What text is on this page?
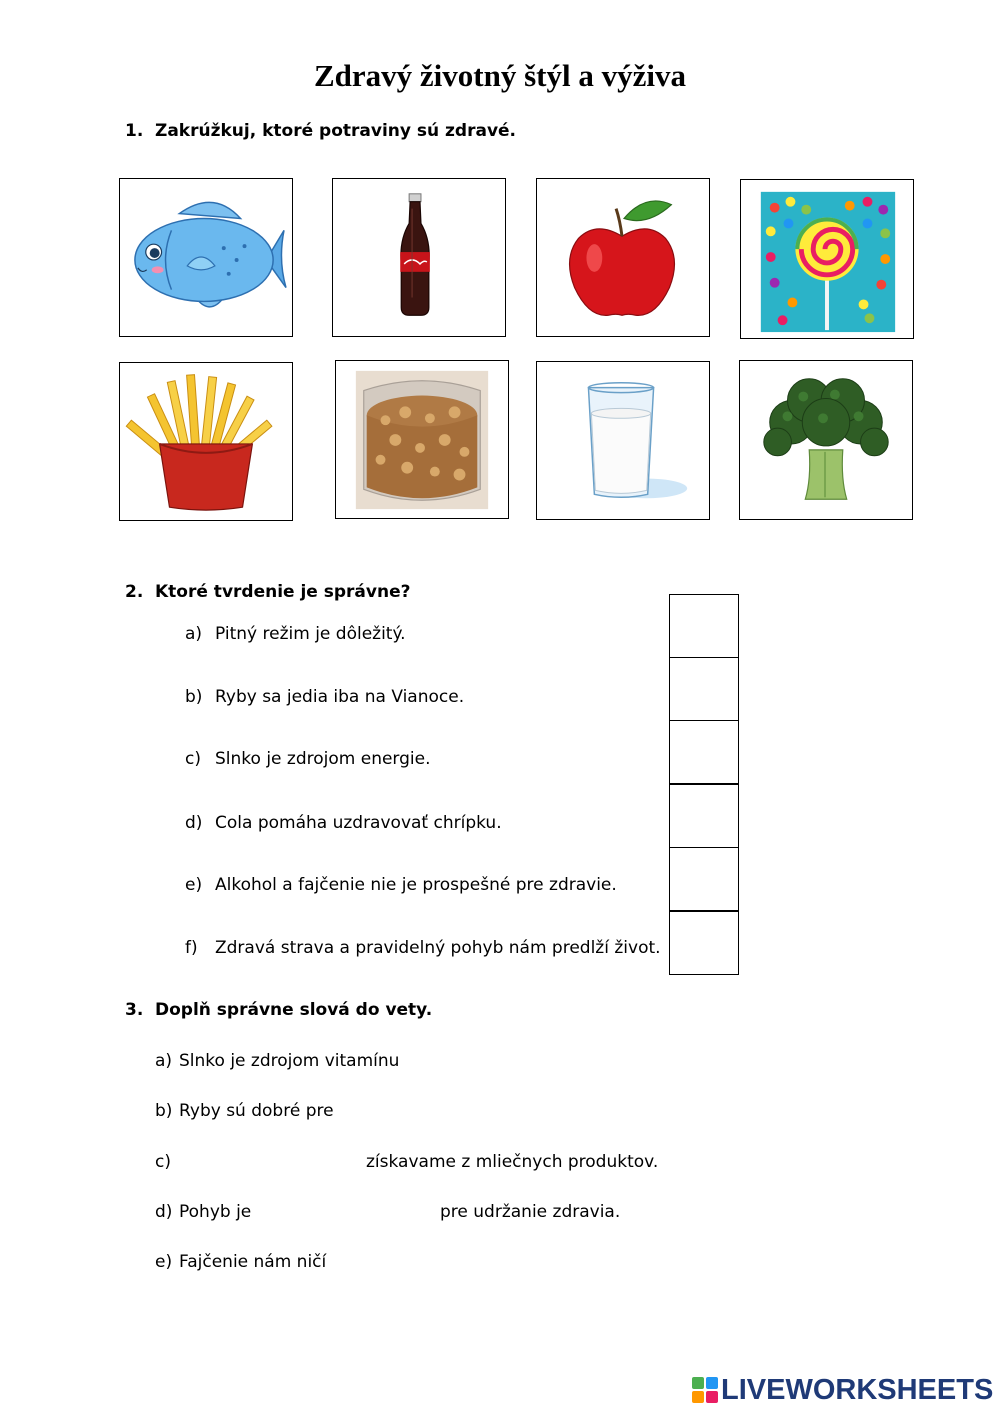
Zdravý životný štýl a výživa
1. Zakrúžkuj, ktoré potraviny sú zdravé.
2. Ktoré tvrdenie je správne?
a) Pitný režim je dôležitý.
b) Ryby sa jedia iba na Vianoce.
c) Slnko je zdrojom energie.
d) Cola pomáha uzdravovať chrípku.
e) Alkohol a fajčenie nie je prospešné pre zdravie.
f) Zdravá strava a pravidelný pohyb nám predlží život.
3. Doplň správne slová do vety.
a) Slnko je zdrojom vitamínu
b) Ryby sú dobré pre
c)	získavame z mliečnych produktov.
d) Pohyb je	pre udržanie zdravia.
e) Fajčenie nám ničí
LIVEWORKSHEETS
